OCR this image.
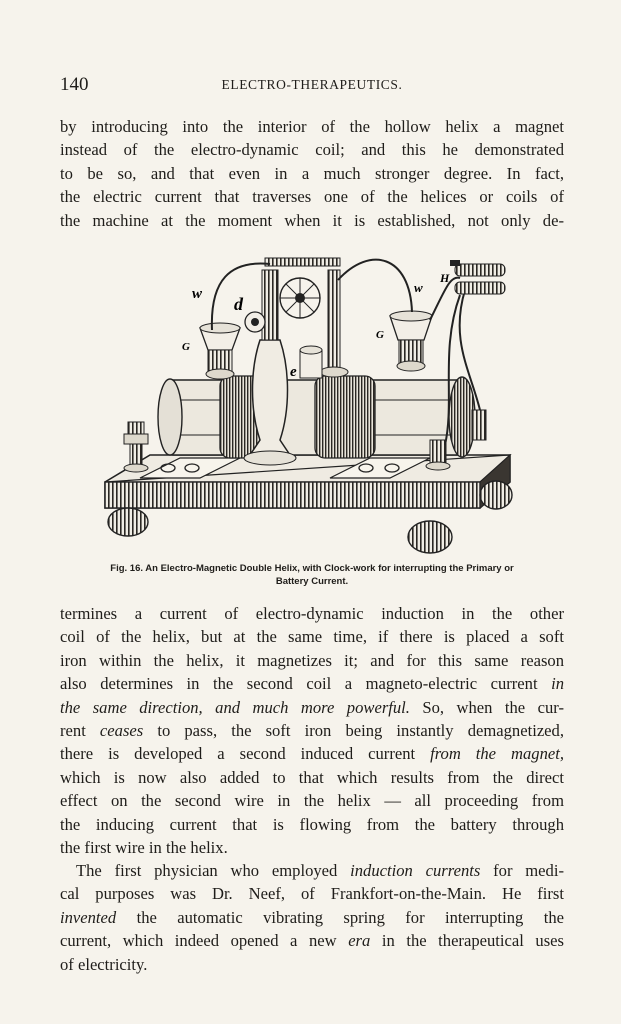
140	ELECTRO-THERAPEUTICS.

by introducing into the interior of the hollow helix a magnet
instead of the electro-dynamic coil; and this he demonstrated
to be so, and that even in a much stronger degree. In fact,
the electric current that traverses one of the helices or coils of
the machine at the moment when it is established, not only de-

w d
w
H
G
G
e
Fig. 16. An Electro-Magnetic Double Helix, with Clock-work for interrupting the Primary or
Battery Current.

termines a current of electro-dynamic induction in the other
coil of the helix, but at the same time, if there is placed a soft
iron within the helix, it magnetizes it; and for this same reason
also determines in the second coil a magneto-electric current in
the same direction, and much more powerful. So, when the cur-
rent ceases to pass, the soft iron being instantly demagnetized,
there is developed a second induced current from the magnet,
which is now also added to that which results from the direct
effect on the second wire in the helix — all proceeding from
the inducing current that is flowing from the battery through
the first wire in the helix.

The first physician who employed induction currents for medi-
cal purposes was Dr. Neef, of Frankfort-on-the-Main. He first
invented the automatic vibrating spring for interrupting the
current, which indeed opened a new era in the therapeutical uses
of electricity.
